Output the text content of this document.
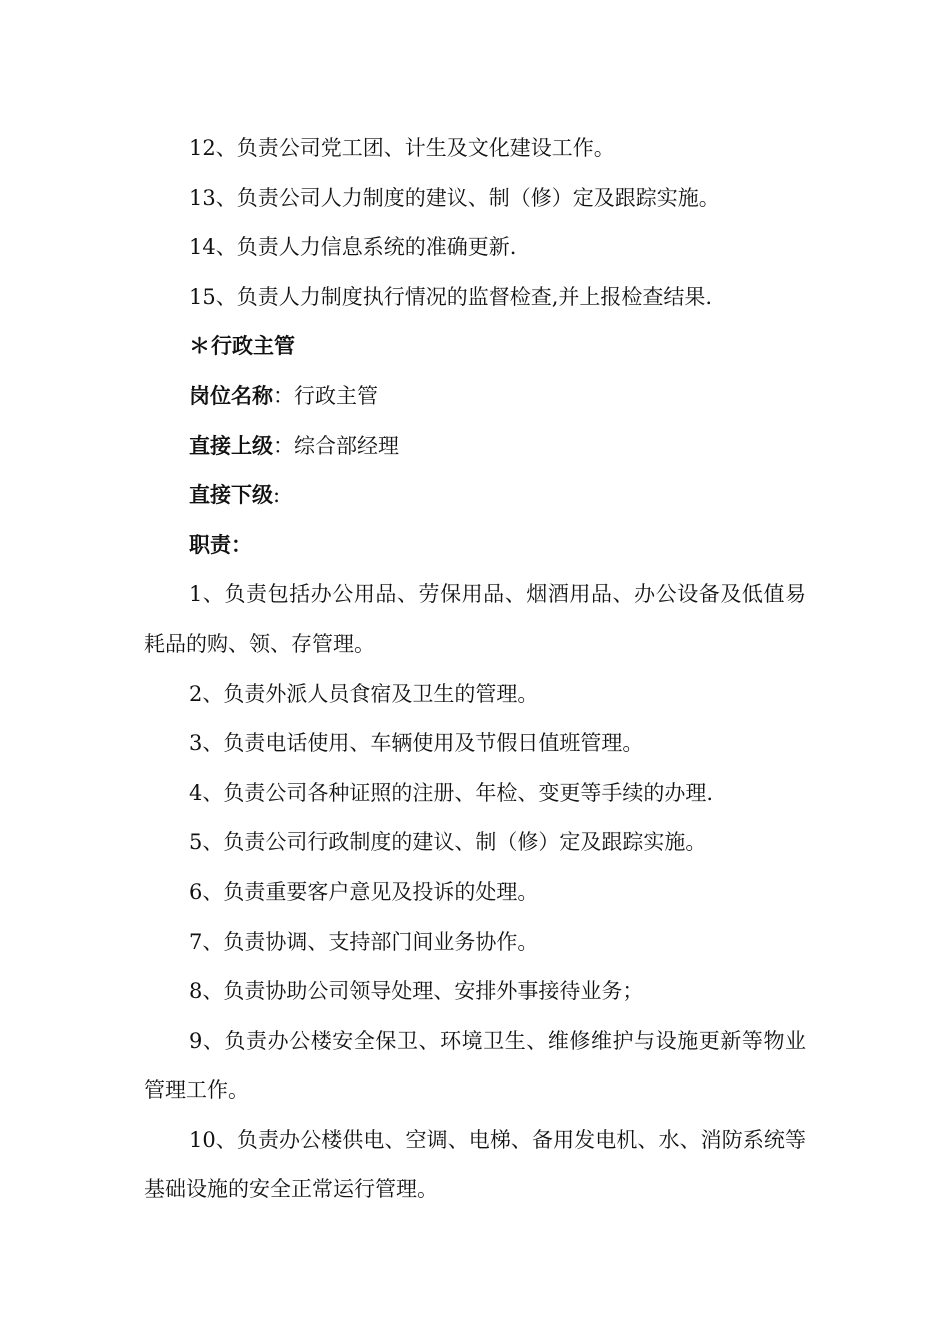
12、负责公司党工团、计生及文化建设工作。
13、负责公司人力制度的建议、制（修）定及跟踪实施。
14、负责人力信息系统的准确更新.
15、负责人力制度执行情况的监督检查,并上报检查结果.
＊行政主管
岗位名称：行政主管
直接上级：综合部经理
直接下级:
职责：
1、负责包括办公用品、劳保用品、烟酒用品、办公设备及低值易耗品的购、领、存管理。
2、负责外派人员食宿及卫生的管理。
3、负责电话使用、车辆使用及节假日值班管理。
4、负责公司各种证照的注册、年检、变更等手续的办理.
5、负责公司行政制度的建议、制（修）定及跟踪实施。
6、负责重要客户意见及投诉的处理。
7、负责协调、支持部门间业务协作。
8、负责协助公司领导处理、安排外事接待业务；
9、负责办公楼安全保卫、环境卫生、维修维护与设施更新等物业管理工作。
10、负责办公楼供电、空调、电梯、备用发电机、水、消防系统等基础设施的安全正常运行管理。
